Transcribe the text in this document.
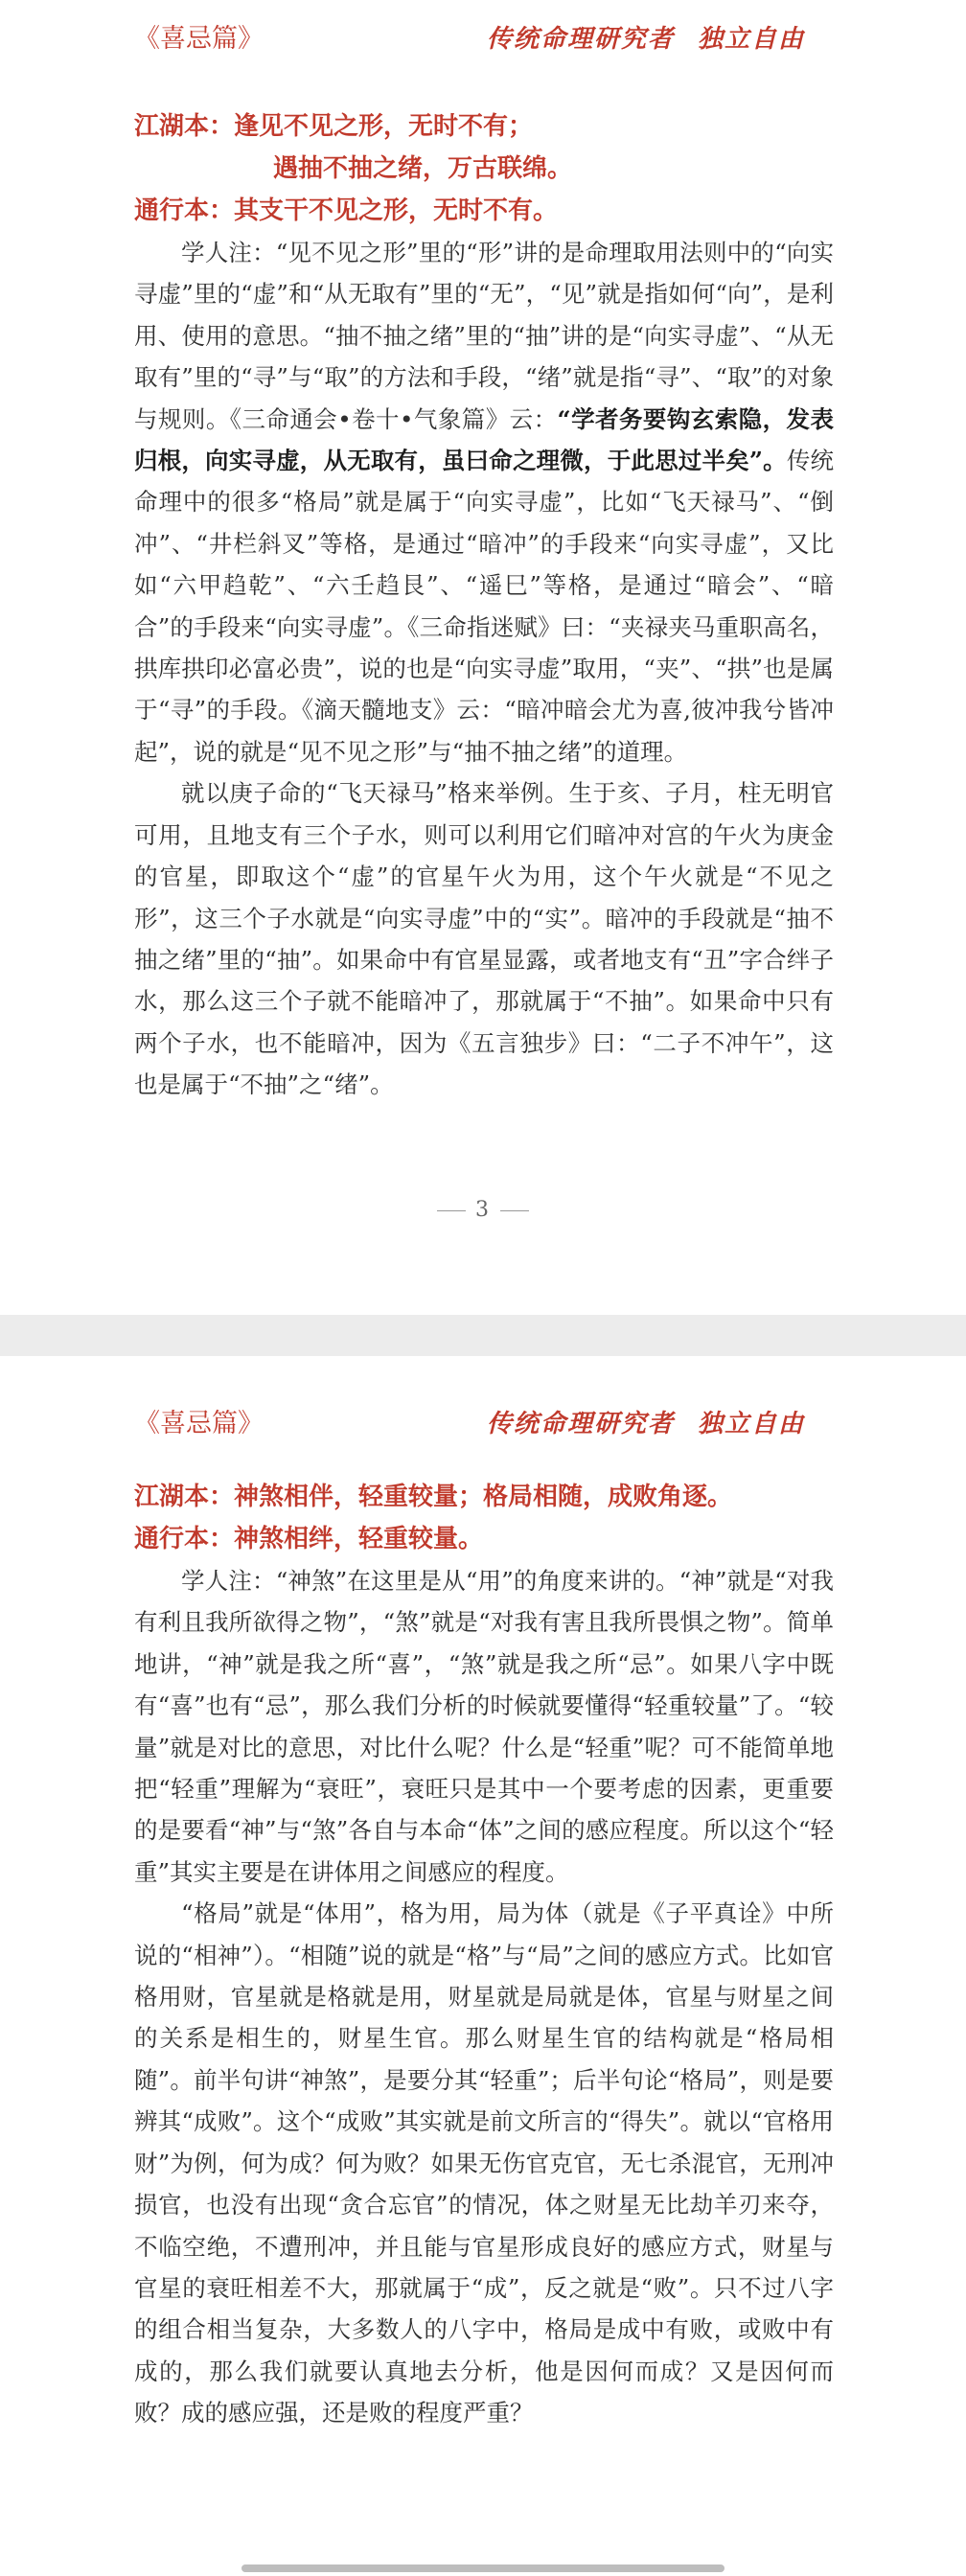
《喜忌篇》	传统命理研究者 独立自由
江湖本：逢见不见之形，无时不有；
遇抽不抽之绪，万古联绵。
通行本：其支干不见之形，无时不有。

学人注：“见不见之形”里的“形”讲的是命理取用法则中的“向实寻虚”里的“虚”和“从无取有”里的“无”，“见”就是指如何“向”，是利用、使用的意思。“抽不抽之绪”里的“抽”讲的是“向实寻虚”、“从无取有”里的“寻”与“取”的方法和手段，“绪”就是指“寻”、“取”的对象与规则。《三命通会•卷十•气象篇》云：“学者务要钩玄索隐，发表归根，向实寻虚，从无取有，虽曰命之理微，于此思过半矣”。传统命理中的很多“格局”就是属于“向实寻虚”，比如“飞天禄马”、“倒冲”、“井栏斜叉”等格，是通过“暗冲”的手段来“向实寻虚”，又比如“六甲趋乾”、“六壬趋艮”、“遥巳”等格，是通过“暗会”、“暗合”的手段来“向实寻虚”。《三命指迷赋》曰：“夹禄夹马重职高名，拱库拱印必富必贵”，说的也是“向实寻虚”取用，“夹”、“拱”也是属于“寻”的手段。《滴天髓地支》云：“暗冲暗会尤为喜,彼冲我兮皆冲起”，说的就是“见不见之形”与“抽不抽之绪”的道理。

就以庚子命的“飞天禄马”格来举例。生于亥、子月，柱无明官可用，且地支有三个子水，则可以利用它们暗冲对宫的午火为庚金的官星，即取这个“虚”的官星午火为用，这个午火就是“不见之形”，这三个子水就是“向实寻虚”中的“实”。暗冲的手段就是“抽不抽之绪”里的“抽”。如果命中有官星显露，或者地支有“丑”字合绊子水，那么这三个子就不能暗冲了，那就属于“不抽”。如果命中只有两个子水，也不能暗冲，因为《五言独步》曰：“二子不冲午”，这也是属于“不抽”之“绪”。

3
《喜忌篇》	传统命理研究者 独立自由
江湖本：神煞相伴，轻重较量；格局相随，成败角逐。
通行本：神煞相绊，轻重较量。

学人注：“神煞”在这里是从“用”的角度来讲的。“神”就是“对我有利且我所欲得之物”，“煞”就是“对我有害且我所畏惧之物”。简单地讲，“神”就是我之所“喜”，“煞”就是我之所“忌”。如果八字中既有“喜”也有“忌”，那么我们分析的时候就要懂得“轻重较量”了。“较量”就是对比的意思，对比什么呢？什么是“轻重”呢？可不能简单地把“轻重”理解为“衰旺”，衰旺只是其中一个要考虑的因素，更重要的是要看“神”与“煞”各自与本命“体”之间的感应程度。所以这个“轻重”其实主要是在讲体用之间感应的程度。

“格局”就是“体用”，格为用，局为体（就是《子平真诠》中所说的“相神”）。“相随”说的就是“格”与“局”之间的感应方式。比如官格用财，官星就是格就是用，财星就是局就是体，官星与财星之间的关系是相生的，财星生官。那么财星生官的结构就是“格局相随”。前半句讲“神煞”，是要分其“轻重”；后半句论“格局”，则是要辨其“成败”。这个“成败”其实就是前文所言的“得失”。就以“官格用财”为例，何为成？何为败？如果无伤官克官，无七杀混官，无刑冲损官，也没有出现“贪合忘官”的情况，体之财星无比劫羊刃来夺，不临空绝，不遭刑冲，并且能与官星形成良好的感应方式，财星与官星的衰旺相差不大，那就属于“成”，反之就是“败”。只不过八字的组合相当复杂，大多数人的八字中，格局是成中有败，或败中有成的，那么我们就要认真地去分析，他是因何而成？又是因何而败？成的感应强，还是败的程度严重？
